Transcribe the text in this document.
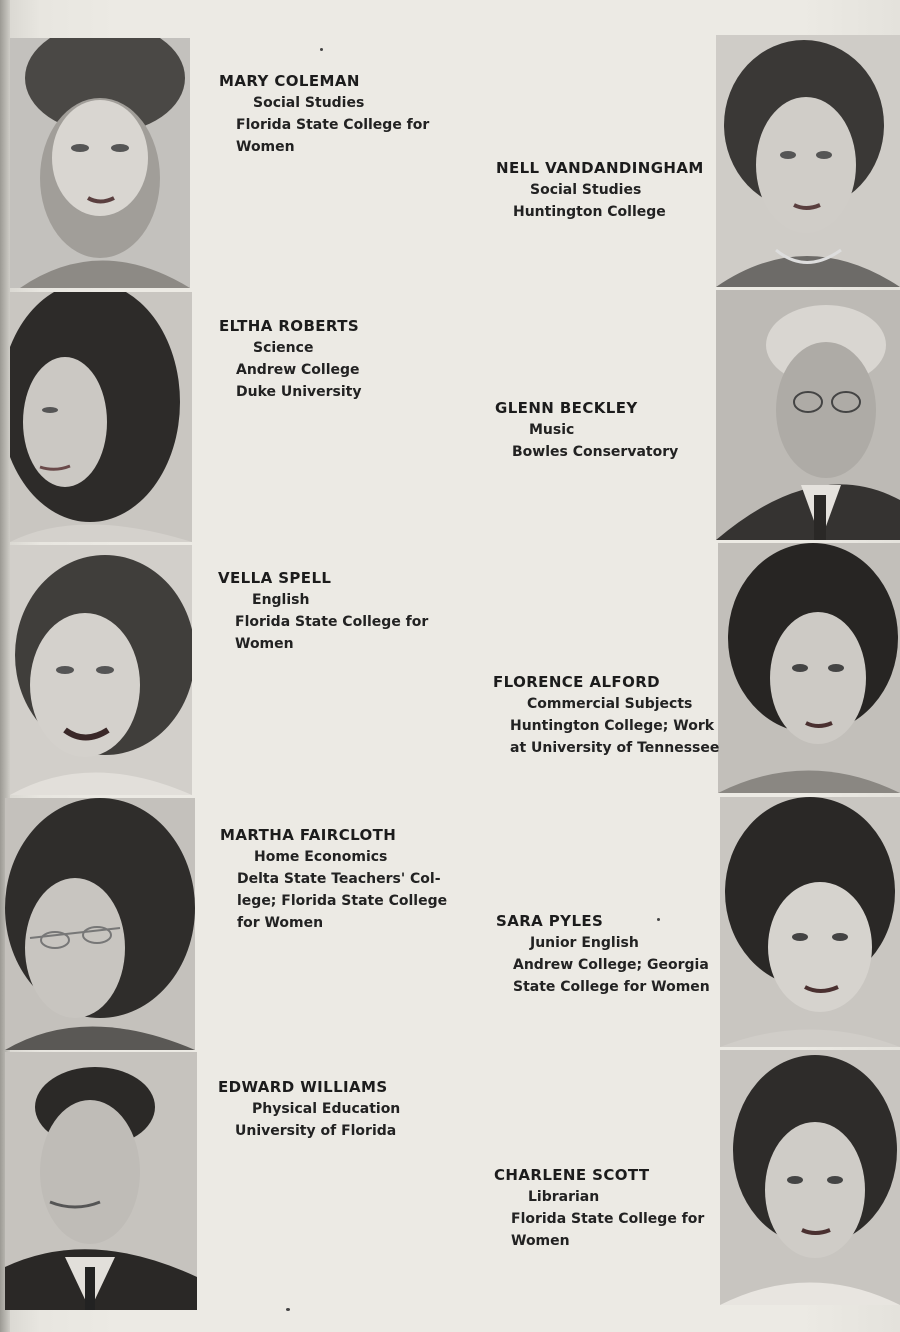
MARY COLEMAN
Social Studies
Florida State College for
Women
ELTHA ROBERTS
Science
Andrew College
Duke University
VELLA SPELL
English
Florida State College for
Women
MARTHA FAIRCLOTH
Home Economics
Delta State Teachers' Col-
lege; Florida State College
for Women
EDWARD WILLIAMS
Physical Education
University of Florida
NELL VANDANDINGHAM
Social Studies
Huntington College
GLENN BECKLEY
Music
Bowles Conservatory
FLORENCE ALFORD
Commercial Subjects
Huntington College; Work
at University of Tennessee
SARA PYLES
Junior English
Andrew College; Georgia
State College for Women
CHARLENE SCOTT
Librarian
Florida State College for
Women
